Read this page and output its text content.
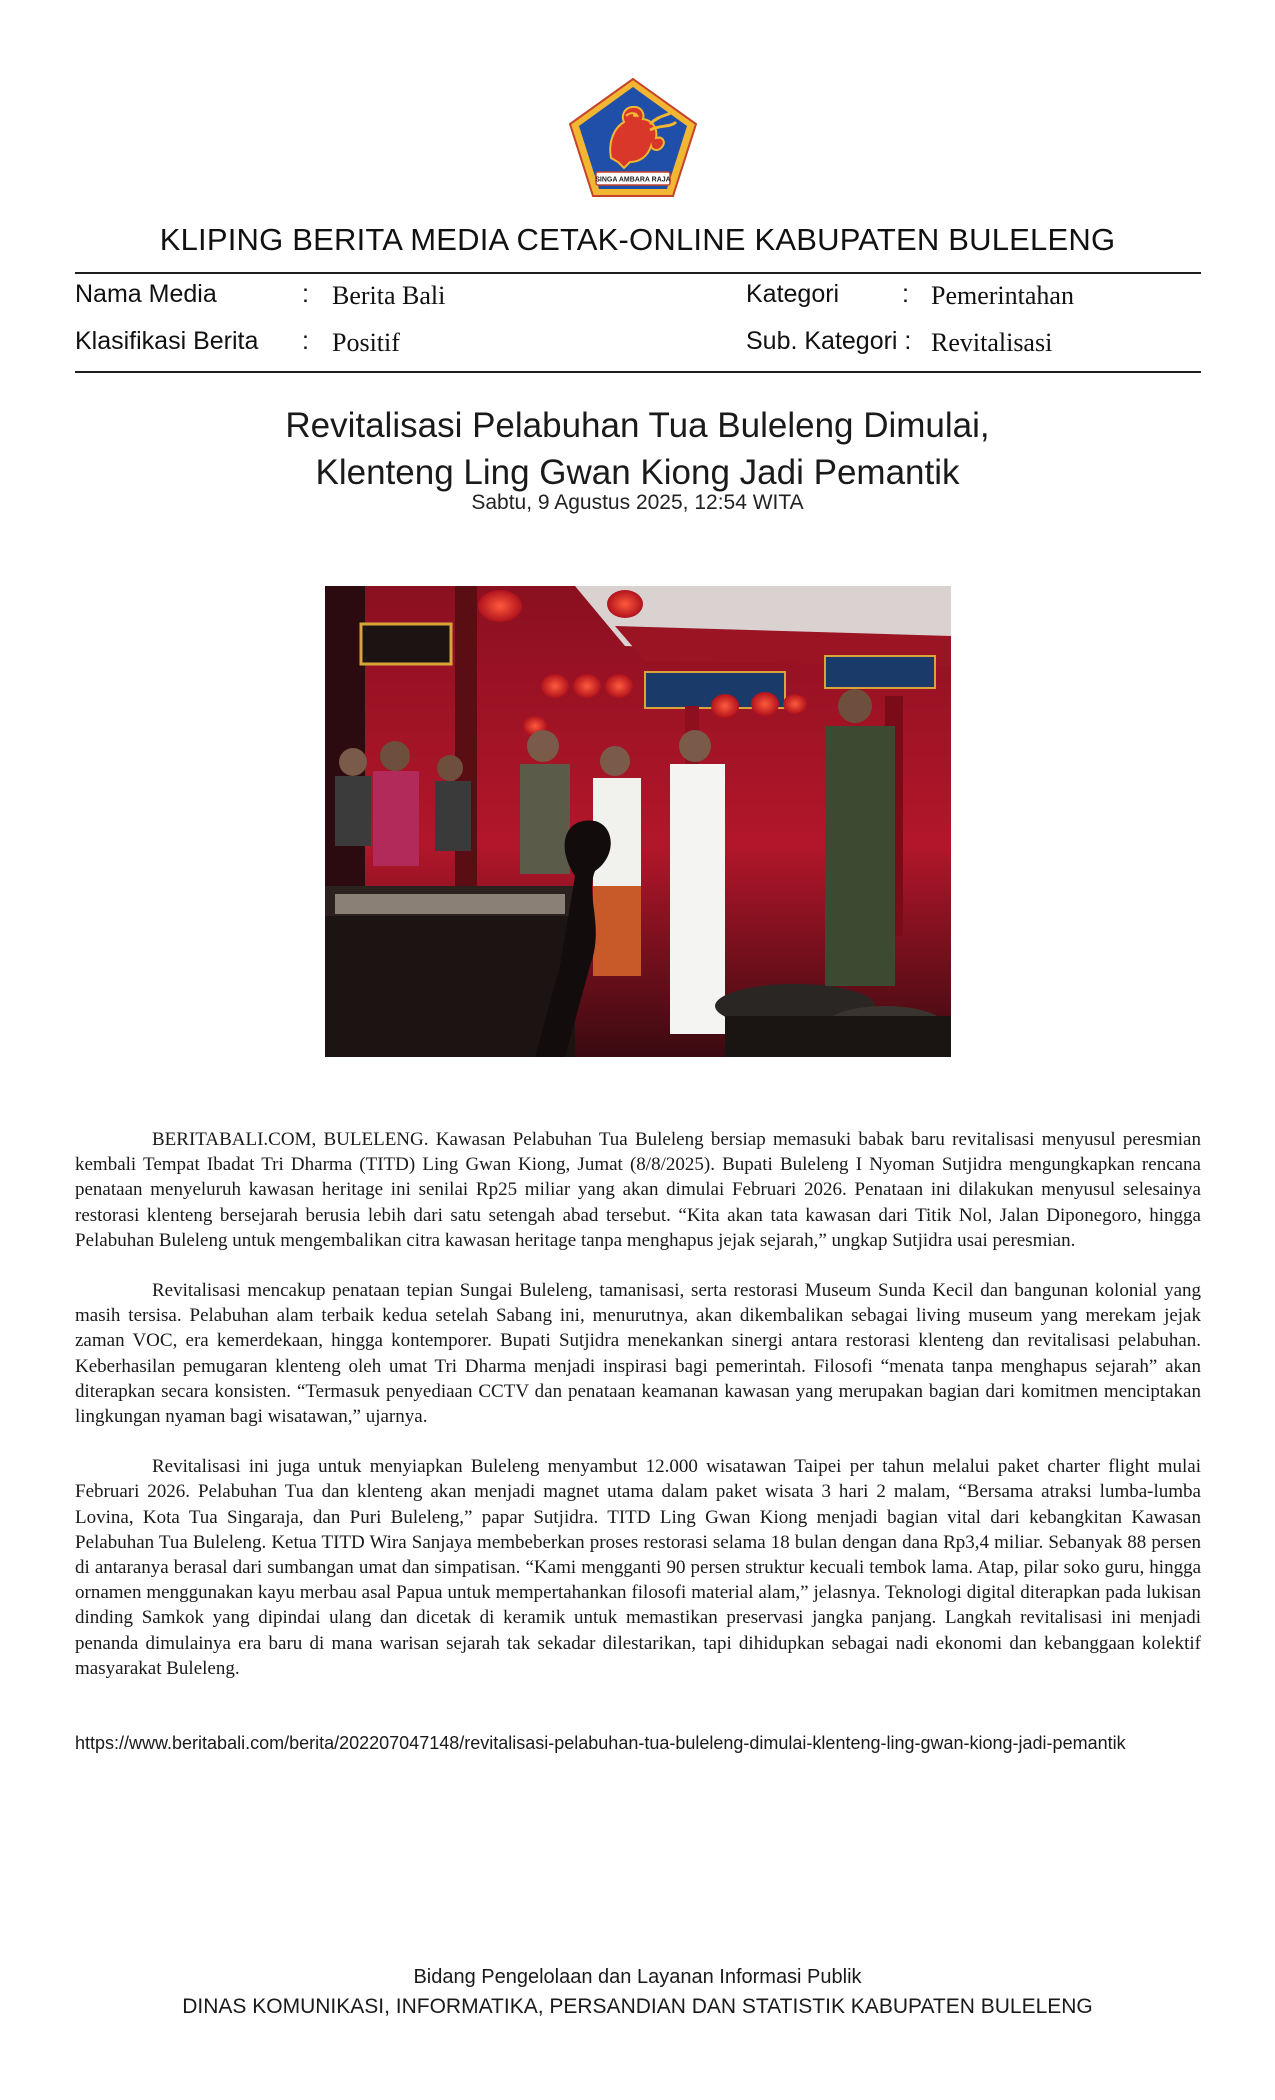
SINGA AMBARA RAJA
KLIPING BERITA MEDIA CETAK-ONLINE KABUPATEN BULELENG
Nama Media	: Berita Bali	Kategori	: Pemerintahan
Klasifikasi Berita : Positif	Sub. Kategori : Revitalisasi
Revitalisasi Pelabuhan Tua Buleleng Dimulai,
Klenteng Ling Gwan Kiong Jadi Pemantik
Sabtu, 9 Agustus 2025, 12:54 WITA

BERITABALI.COM, BULELENG. Kawasan Pelabuhan Tua Buleleng bersiap memasuki babak baru revitalisasi menyusul peresmian kembali Tempat Ibadat Tri Dharma (TITD) Ling Gwan Kiong, Jumat (8/8/2025). Bupati Buleleng I Nyoman Sutjidra mengungkapkan rencana penataan menyeluruh kawasan heritage ini senilai Rp25 miliar yang akan dimulai Februari 2026. Penataan ini dilakukan menyusul selesainya restorasi klenteng bersejarah berusia lebih dari satu setengah abad tersebut. “Kita akan tata kawasan dari Titik Nol, Jalan Diponegoro, hingga Pelabuhan Buleleng untuk mengembalikan citra kawasan heritage tanpa menghapus jejak sejarah,” ungkap Sutjidra usai peresmian.

Revitalisasi mencakup penataan tepian Sungai Buleleng, tamanisasi, serta restorasi Museum Sunda Kecil dan bangunan kolonial yang masih tersisa. Pelabuhan alam terbaik kedua setelah Sabang ini, menurutnya, akan dikembalikan sebagai living museum yang merekam jejak zaman VOC, era kemerdekaan, hingga kontemporer. Bupati Sutjidra menekankan sinergi antara restorasi klenteng dan revitalisasi pelabuhan. Keberhasilan pemugaran klenteng oleh umat Tri Dharma menjadi inspirasi bagi pemerintah. Filosofi “menata tanpa menghapus sejarah” akan diterapkan secara konsisten. “Termasuk penyediaan CCTV dan penataan keamanan kawasan yang merupakan bagian dari komitmen menciptakan lingkungan nyaman bagi wisatawan,” ujarnya.

Revitalisasi ini juga untuk menyiapkan Buleleng menyambut 12.000 wisatawan Taipei per tahun melalui paket charter flight mulai Februari 2026. Pelabuhan Tua dan klenteng akan menjadi magnet utama dalam paket wisata 3 hari 2 malam, “Bersama atraksi lumba-lumba Lovina, Kota Tua Singaraja, dan Puri Buleleng,” papar Sutjidra. TITD Ling Gwan Kiong menjadi bagian vital dari kebangkitan Kawasan Pelabuhan Tua Buleleng. Ketua TITD Wira Sanjaya membeberkan proses restorasi selama 18 bulan dengan dana Rp3,4 miliar. Sebanyak 88 persen di antaranya berasal dari sumbangan umat dan simpatisan. “Kami mengganti 90 persen struktur kecuali tembok lama. Atap, pilar soko guru, hingga ornamen menggunakan kayu merbau asal Papua untuk mempertahankan filosofi material alam,” jelasnya. Teknologi digital diterapkan pada lukisan dinding Samkok yang dipindai ulang dan dicetak di keramik untuk memastikan preservasi jangka panjang. Langkah revitalisasi ini menjadi penanda dimulainya era baru di mana warisan sejarah tak sekadar dilestarikan, tapi dihidupkan sebagai nadi ekonomi dan kebanggaan kolektif masyarakat Buleleng.

https://www.beritabali.com/berita/202207047148/revitalisasi-pelabuhan-tua-buleleng-dimulai-klenteng-ling-gwan-kiong-jadi-pemantik
Bidang Pengelolaan dan Layanan Informasi Publik
DINAS KOMUNIKASI, INFORMATIKA, PERSANDIAN DAN STATISTIK KABUPATEN BULELENG
